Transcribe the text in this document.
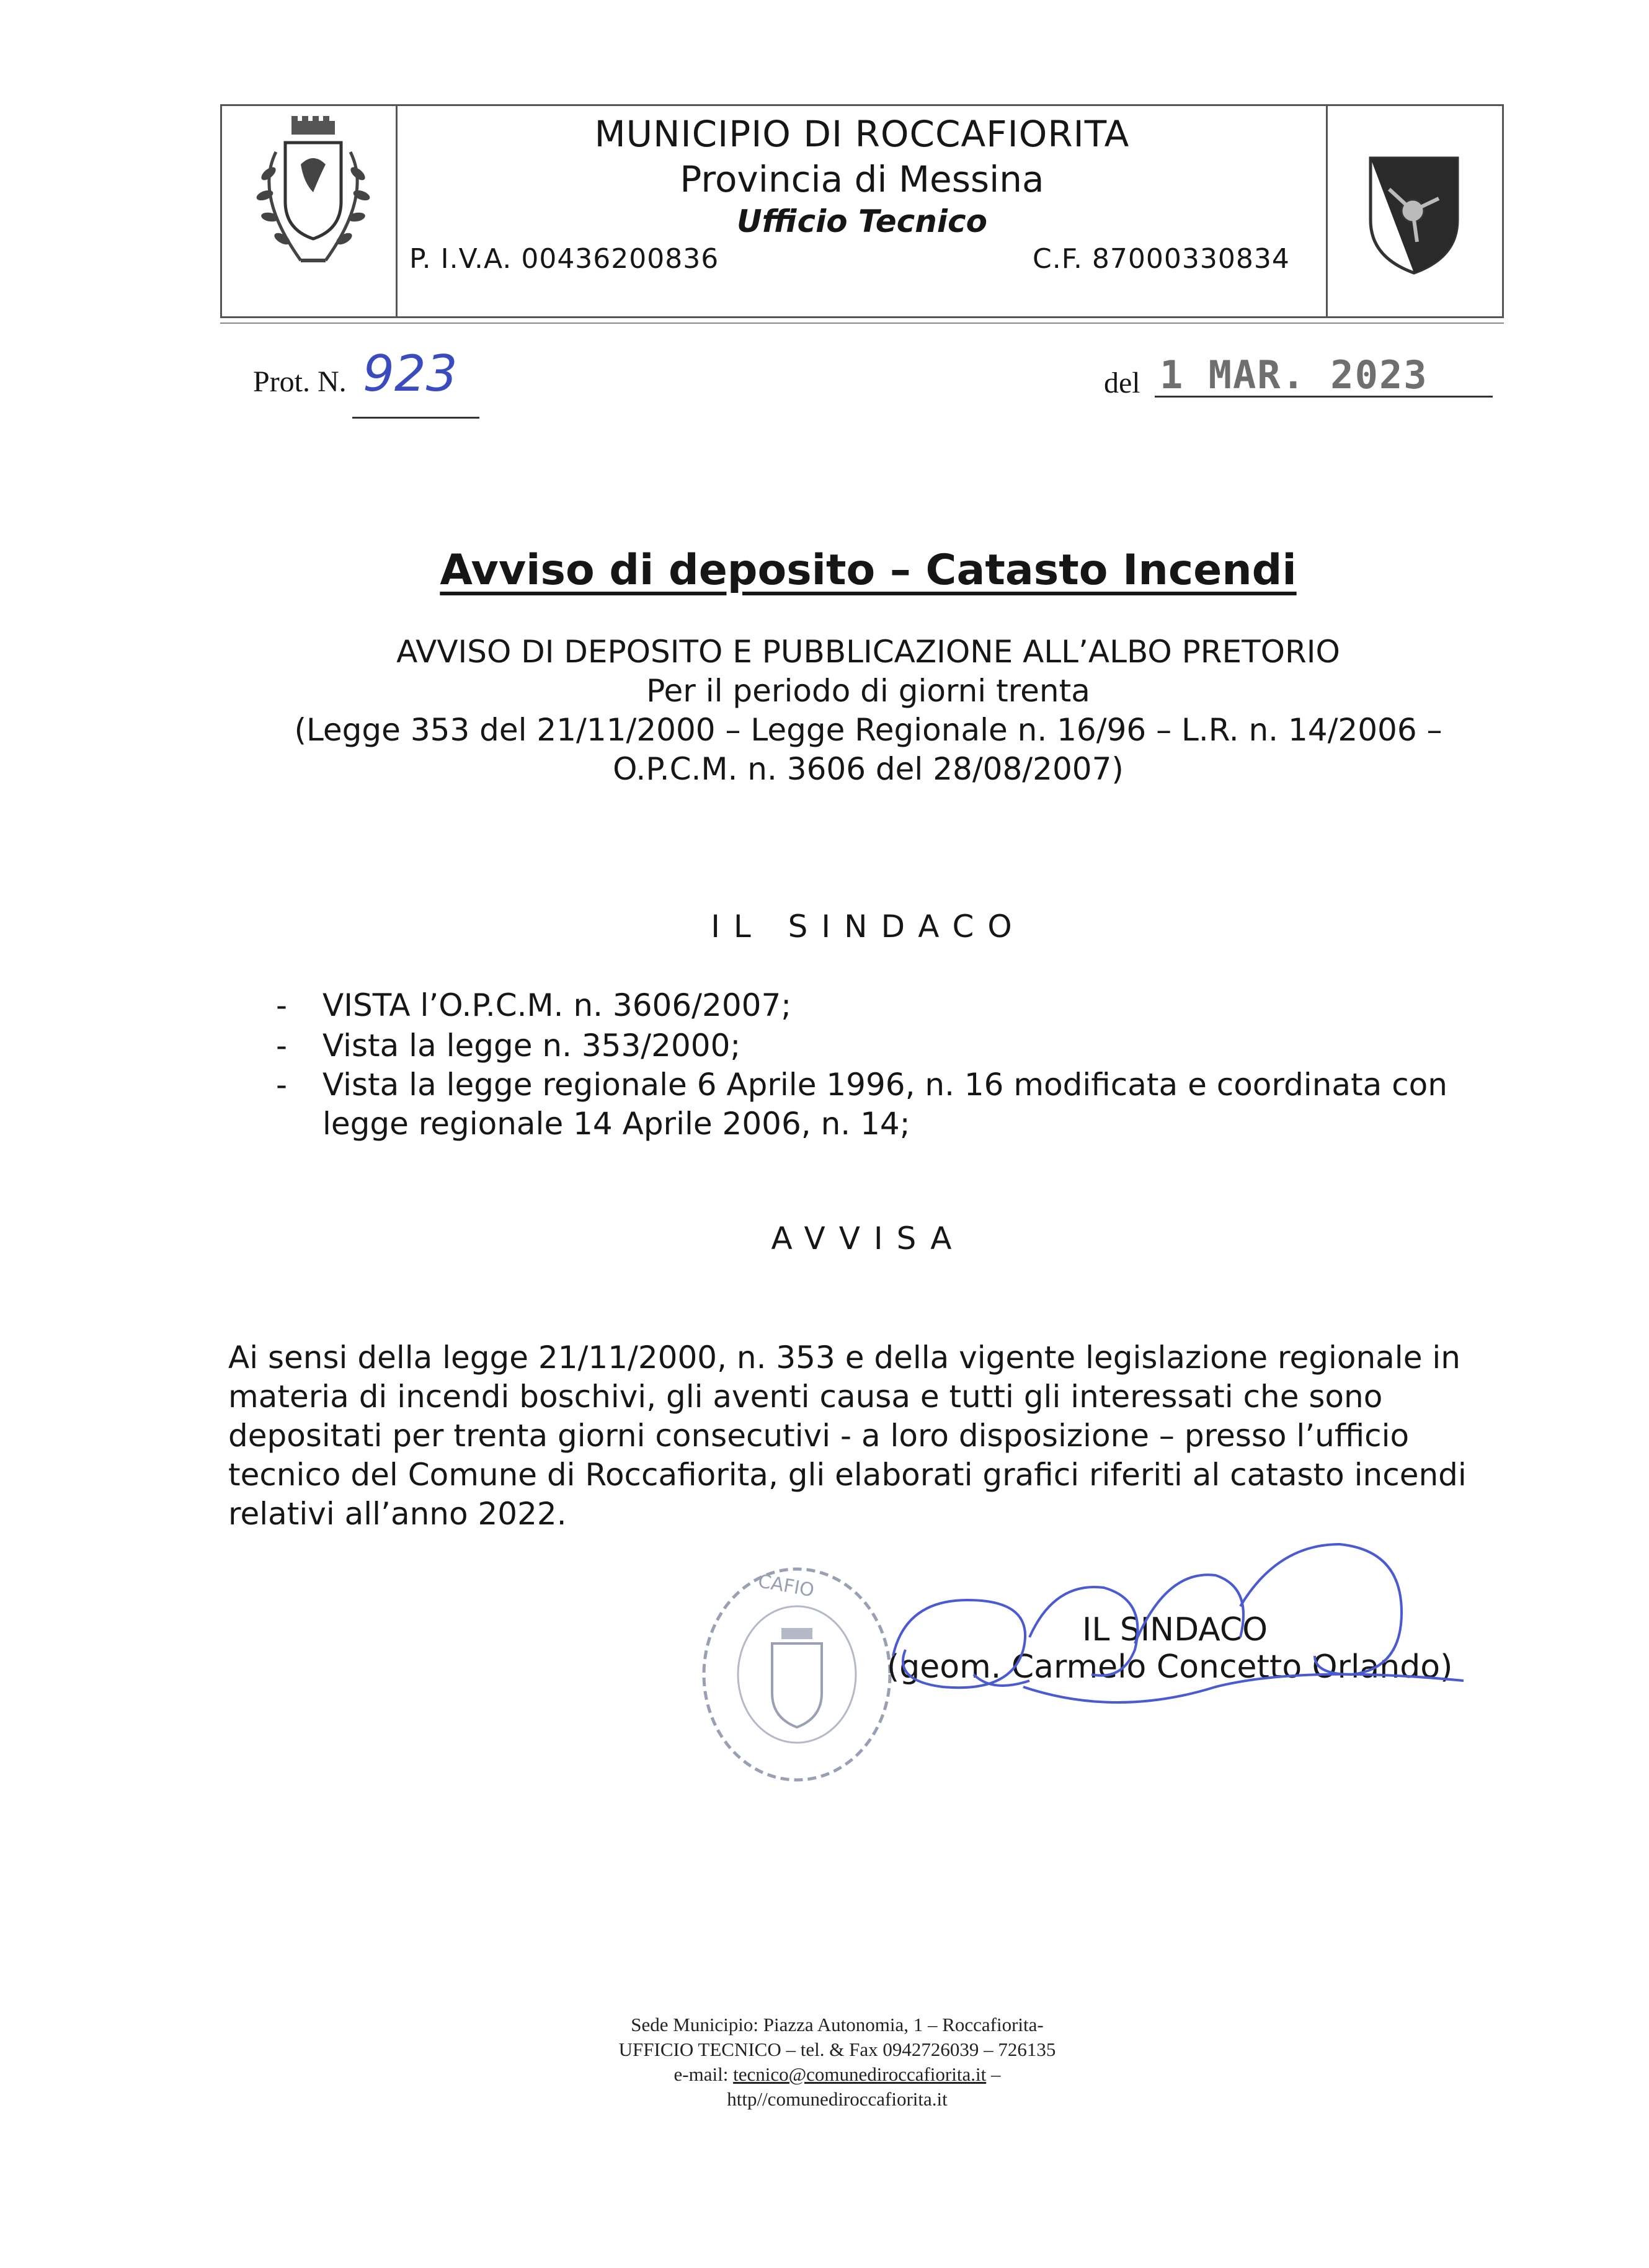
MUNICIPIO DI ROCCAFIORITA
Provincia di Messina
Ufficio Tecnico
P. I.V.A. 00436200836	C.F. 87000330834
Prot. N. 923	del 1 MAR. 2023
Avviso di deposito – Catasto Incendi
AVVISO DI DEPOSITO E PUBBLICAZIONE ALL’ALBO PRETORIO
Per il periodo di giorni trenta
(Legge 353 del 21/11/2000 – Legge Regionale n. 16/96 – L.R. n. 14/2006 –
O.P.C.M. n. 3606 del 28/08/2007)
IL SINDACO
- VISTA l’O.P.C.M. n. 3606/2007;
- Vista la legge n. 353/2000;
- Vista la legge regionale 6 Aprile 1996, n. 16 modificata e coordinata con
legge regionale 14 Aprile 2006, n. 14;
AVVISA
Ai sensi della legge 21/11/2000, n. 353 e della vigente legislazione regionale in
materia di incendi boschivi, gli aventi causa e tutti gli interessati che sono
depositati per trenta giorni consecutivi - a loro disposizione – presso l’ufficio
tecnico del Comune di Roccafiorita, gli elaborati grafici riferiti al catasto incendi
relativi all’anno 2022.
CAFIO
IL SINDACO
(geom. Carmelo Concetto Orlando)
Sede Municipio: Piazza Autonomia, 1 – Roccafiorita-
UFFICIO TECNICO – tel. & Fax 0942726039 – 726135
e-mail: tecnico@comunediroccafiorita.it –
http//comunediroccafiorita.it
